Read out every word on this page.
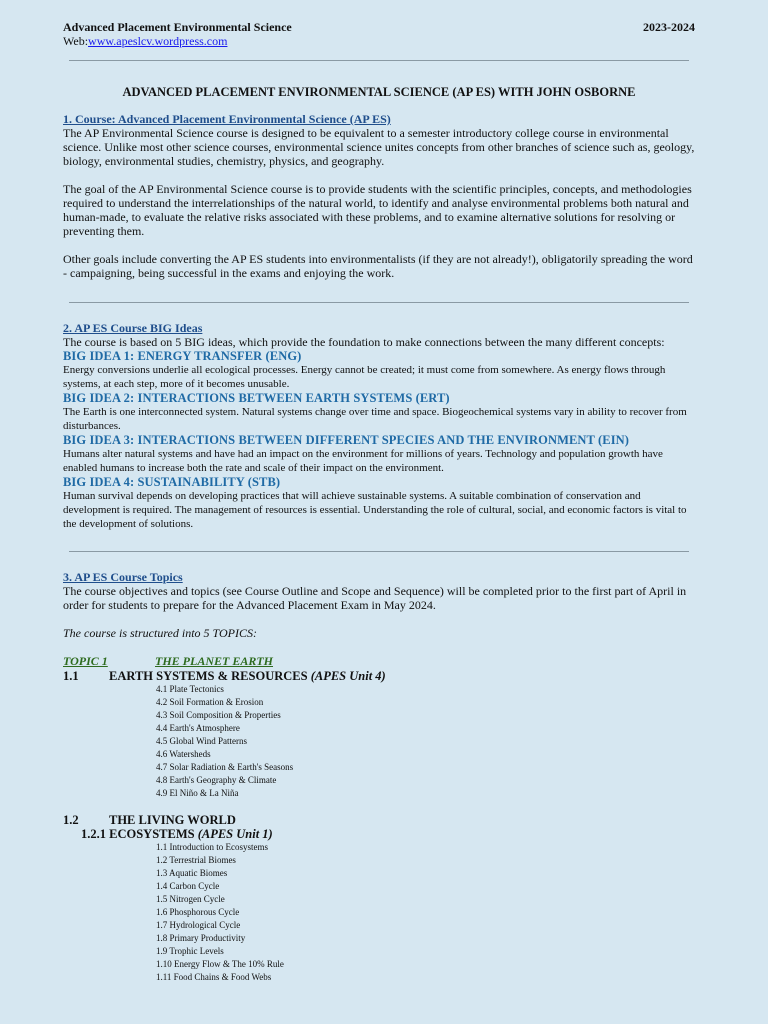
Advanced Placement Environmental Science	2023-2024
Web:www.apeslcv.wordpress.com
ADVANCED PLACEMENT ENVIRONMENTAL SCIENCE (AP ES) WITH JOHN OSBORNE
1. Course: Advanced Placement Environmental Science (AP ES)

The AP Environmental Science course is designed to be equivalent to a semester introductory college course in environmental science. Unlike most other science courses, environmental science unites concepts from other branches of science such as, geology, biology, environmental studies, chemistry, physics, and geography.

The goal of the AP Environmental Science course is to provide students with the scientific principles, concepts, and methodologies required to understand the interrelationships of the natural world, to identify and analyse environmental problems both natural and human-made, to evaluate the relative risks associated with these problems, and to examine alternative solutions for resolving or preventing them.

Other goals include converting the AP ES students into environmentalists (if they are not already!), obligatorily spreading the word - campaigning, being successful in the exams and enjoying the work.

2. AP ES Course BIG Ideas

The course is based on 5 BIG ideas, which provide the foundation to make connections between the many different concepts:

BIG IDEA 1: ENERGY TRANSFER (ENG)

Energy conversions underlie all ecological processes. Energy cannot be created; it must come from somewhere. As energy flows through systems, at each step, more of it becomes unusable.

BIG IDEA 2: INTERACTIONS BETWEEN EARTH SYSTEMS (ERT)

The Earth is one interconnected system. Natural systems change over time and space. Biogeochemical systems vary in ability to recover from disturbances.

BIG IDEA 3: INTERACTIONS BETWEEN DIFFERENT SPECIES AND THE ENVIRONMENT (EIN)

Humans alter natural systems and have had an impact on the environment for millions of years. Technology and population growth have enabled humans to increase both the rate and scale of their impact on the environment.

BIG IDEA 4: SUSTAINABILITY (STB)

Human survival depends on developing practices that will achieve sustainable systems. A suitable combination of conservation and development is required. The management of resources is essential. Understanding the role of cultural, social, and economic factors is vital to the development of solutions.

3. AP ES Course Topics

The course objectives and topics (see Course Outline and Scope and Sequence) will be completed prior to the first part of April in order for students to prepare for the Advanced Placement Exam in May 2024.

The course is structured into 5 TOPICS:

TOPIC 1	THE PLANET EARTH
1.1	EARTH SYSTEMS & RESOURCES
(APES Unit 4)
4.1 Plate Tectonics
4.2 Soil Formation & Erosion
4.3 Soil Composition & Properties
4.4 Earth's Atmosphere
4.5 Global Wind Patterns
4.6 Watersheds
4.7 Solar Radiation & Earth's Seasons
4.8 Earth's Geography & Climate
4.9 El Niño & La Niña
1.2	THE LIVING WORLD
1.2.1 ECOSYSTEMS (APES Unit 1)
1.1 Introduction to Ecosystems
1.2 Terrestrial Biomes
1.3 Aquatic Biomes
1.4 Carbon Cycle
1.5 Nitrogen Cycle
1.6 Phosphorous Cycle
1.7 Hydrological Cycle
1.8 Primary Productivity
1.9 Trophic Levels
1.10 Energy Flow & The 10% Rule
1.11 Food Chains & Food Webs
